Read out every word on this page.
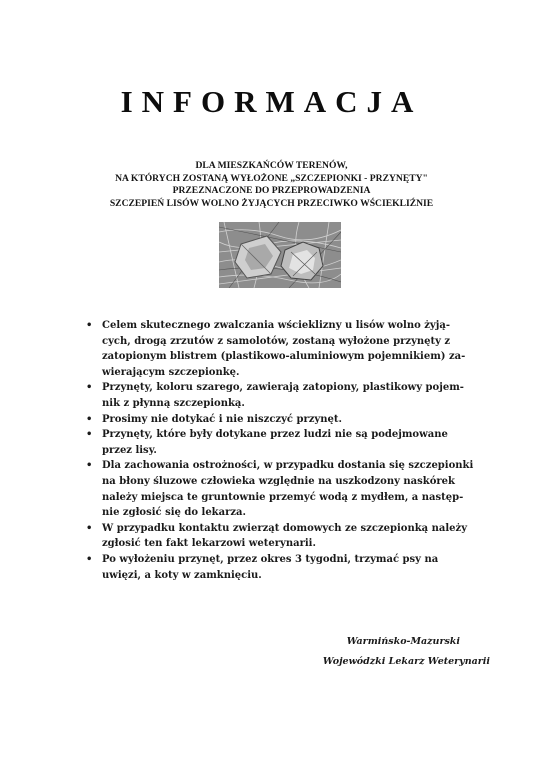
INFORMACJA
DLA MIESZKAŃCÓW TERENÓW,
NA KTÓRYCH ZOSTANĄ WYŁOŻONE „SZCZEPIONKI - PRZYNĘTY"
PRZEZNACZONE DO PRZEPROWADZENIA
SZCZEPIEŃ LISÓW WOLNO ŻYJĄCYCH PRZECIWKO WŚCIEKLIŹNIE
• Celem skutecznego zwalczania wścieklizny u lisów wolno żyją-
cych, drogą zrzutów z samolotów, zostaną wyłożone przynęty z
zatopionym blistrem (plastikowo-aluminiowym pojemnikiem) za-
wierającym szczepionkę.
• Przynęty, koloru szarego, zawierają zatopiony, plastikowy pojem-
nik z płynną szczepionką.
• Prosimy nie dotykać i nie niszczyć przynęt.
• Przynęty, które były dotykane przez ludzi nie są podejmowane
przez lisy.
• Dla zachowania ostrożności, w przypadku dostania się szczepionki
na błony śluzowe człowieka względnie na uszkodzony naskórek
należy miejsca te gruntownie przemyć wodą z mydłem, a następ-
nie zgłosić się do lekarza.
• W przypadku kontaktu zwierząt domowych ze szczepionką należy
zgłosić ten fakt lekarzowi weterynarii.
• Po wyłożeniu przynęt, przez okres 3 tygodni, trzymać psy na
uwięzi, a koty w zamknięciu.
Warmińsko-Mazurski
Wojewódzki Lekarz Weterynarii
